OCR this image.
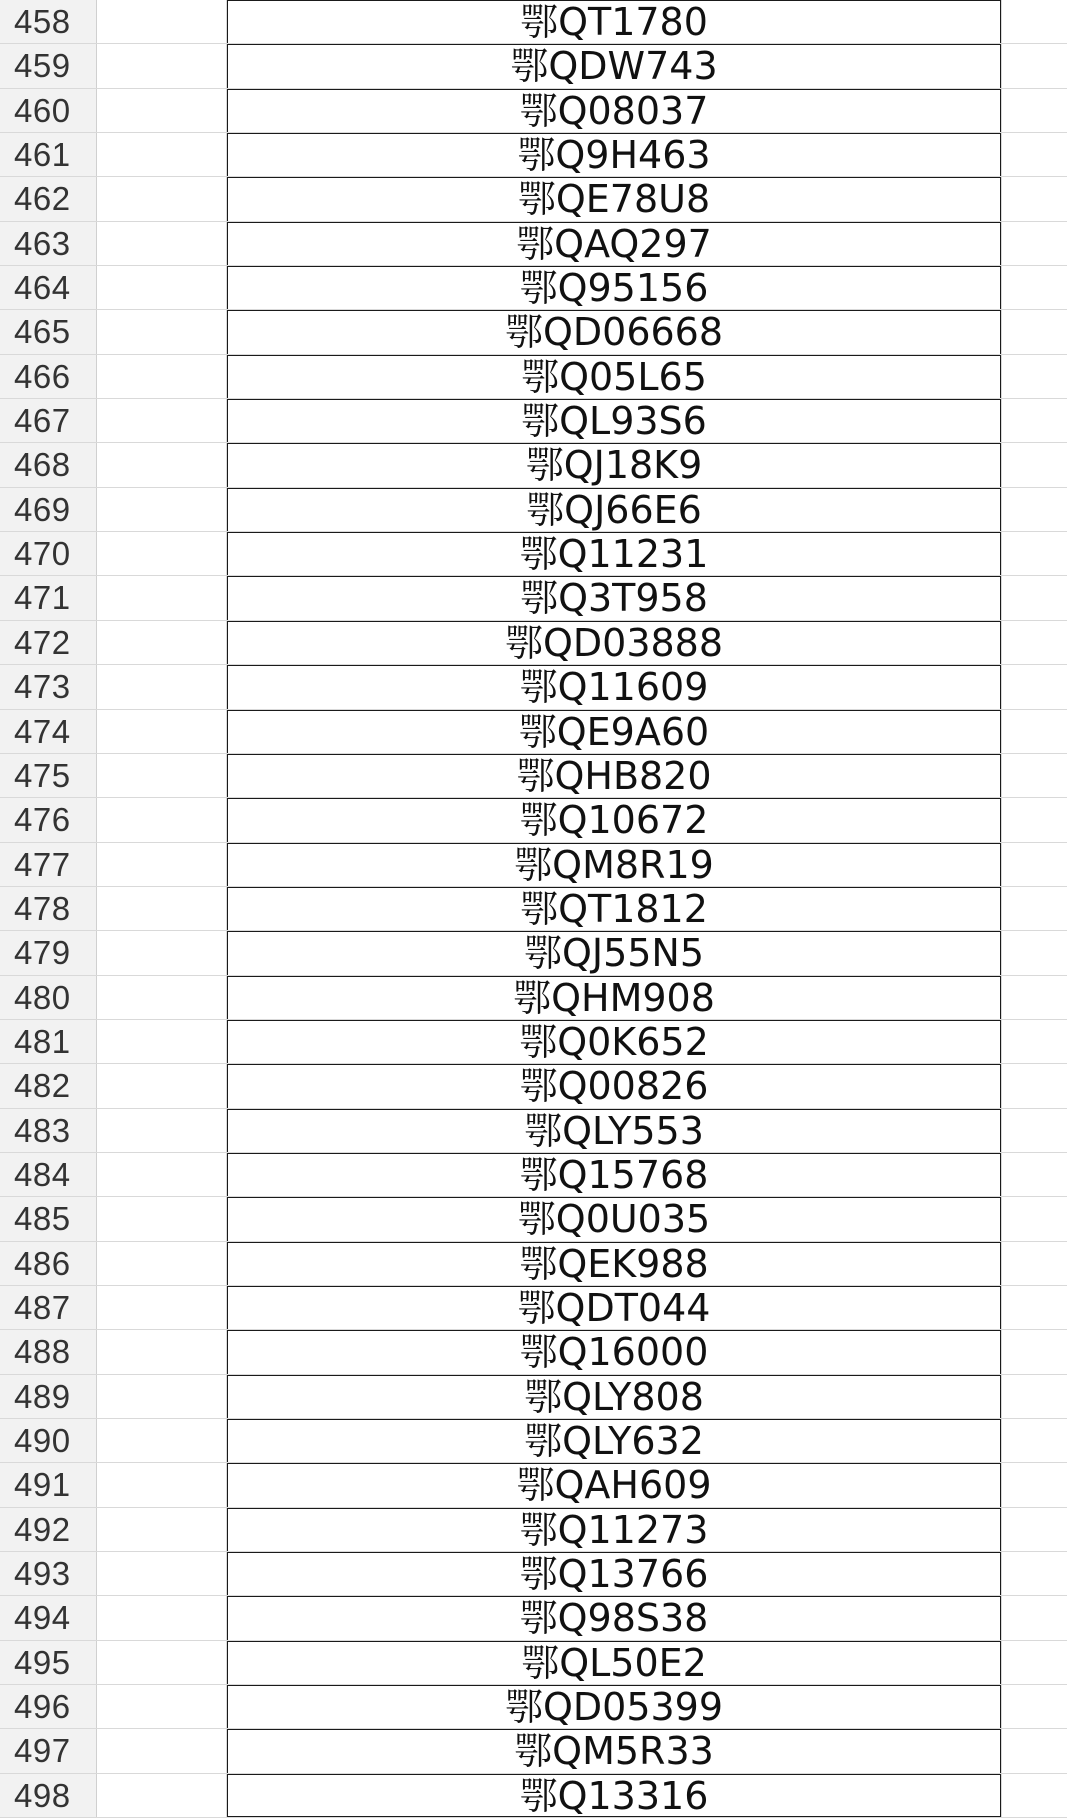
458	鄂QT1780
459	鄂QDW743
460	鄂Q08037
461	鄂Q9H463
462	鄂QE78U8
463	鄂QAQ297
464	鄂Q95156
465	鄂QD06668
466	鄂Q05L65
467	鄂QL93S6
468	鄂QJ18K9
469	鄂QJ66E6
470	鄂Q11231
471	鄂Q3T958
472	鄂QD03888
473	鄂Q11609
474	鄂QE9A60
475	鄂QHB820
476	鄂Q10672
477	鄂QM8R19
478	鄂QT1812
479	鄂QJ55N5
480	鄂QHM908
481	鄂Q0K652
482	鄂Q00826
483	鄂QLY553
484	鄂Q15768
485	鄂Q0U035
486	鄂QEK988
487	鄂QDT044
488	鄂Q16000
489	鄂QLY808
490	鄂QLY632
491	鄂QAH609
492	鄂Q11273
493	鄂Q13766
494	鄂Q98S38
495	鄂QL50E2
496	鄂QD05399
497	鄂QM5R33
498	鄂Q13316
